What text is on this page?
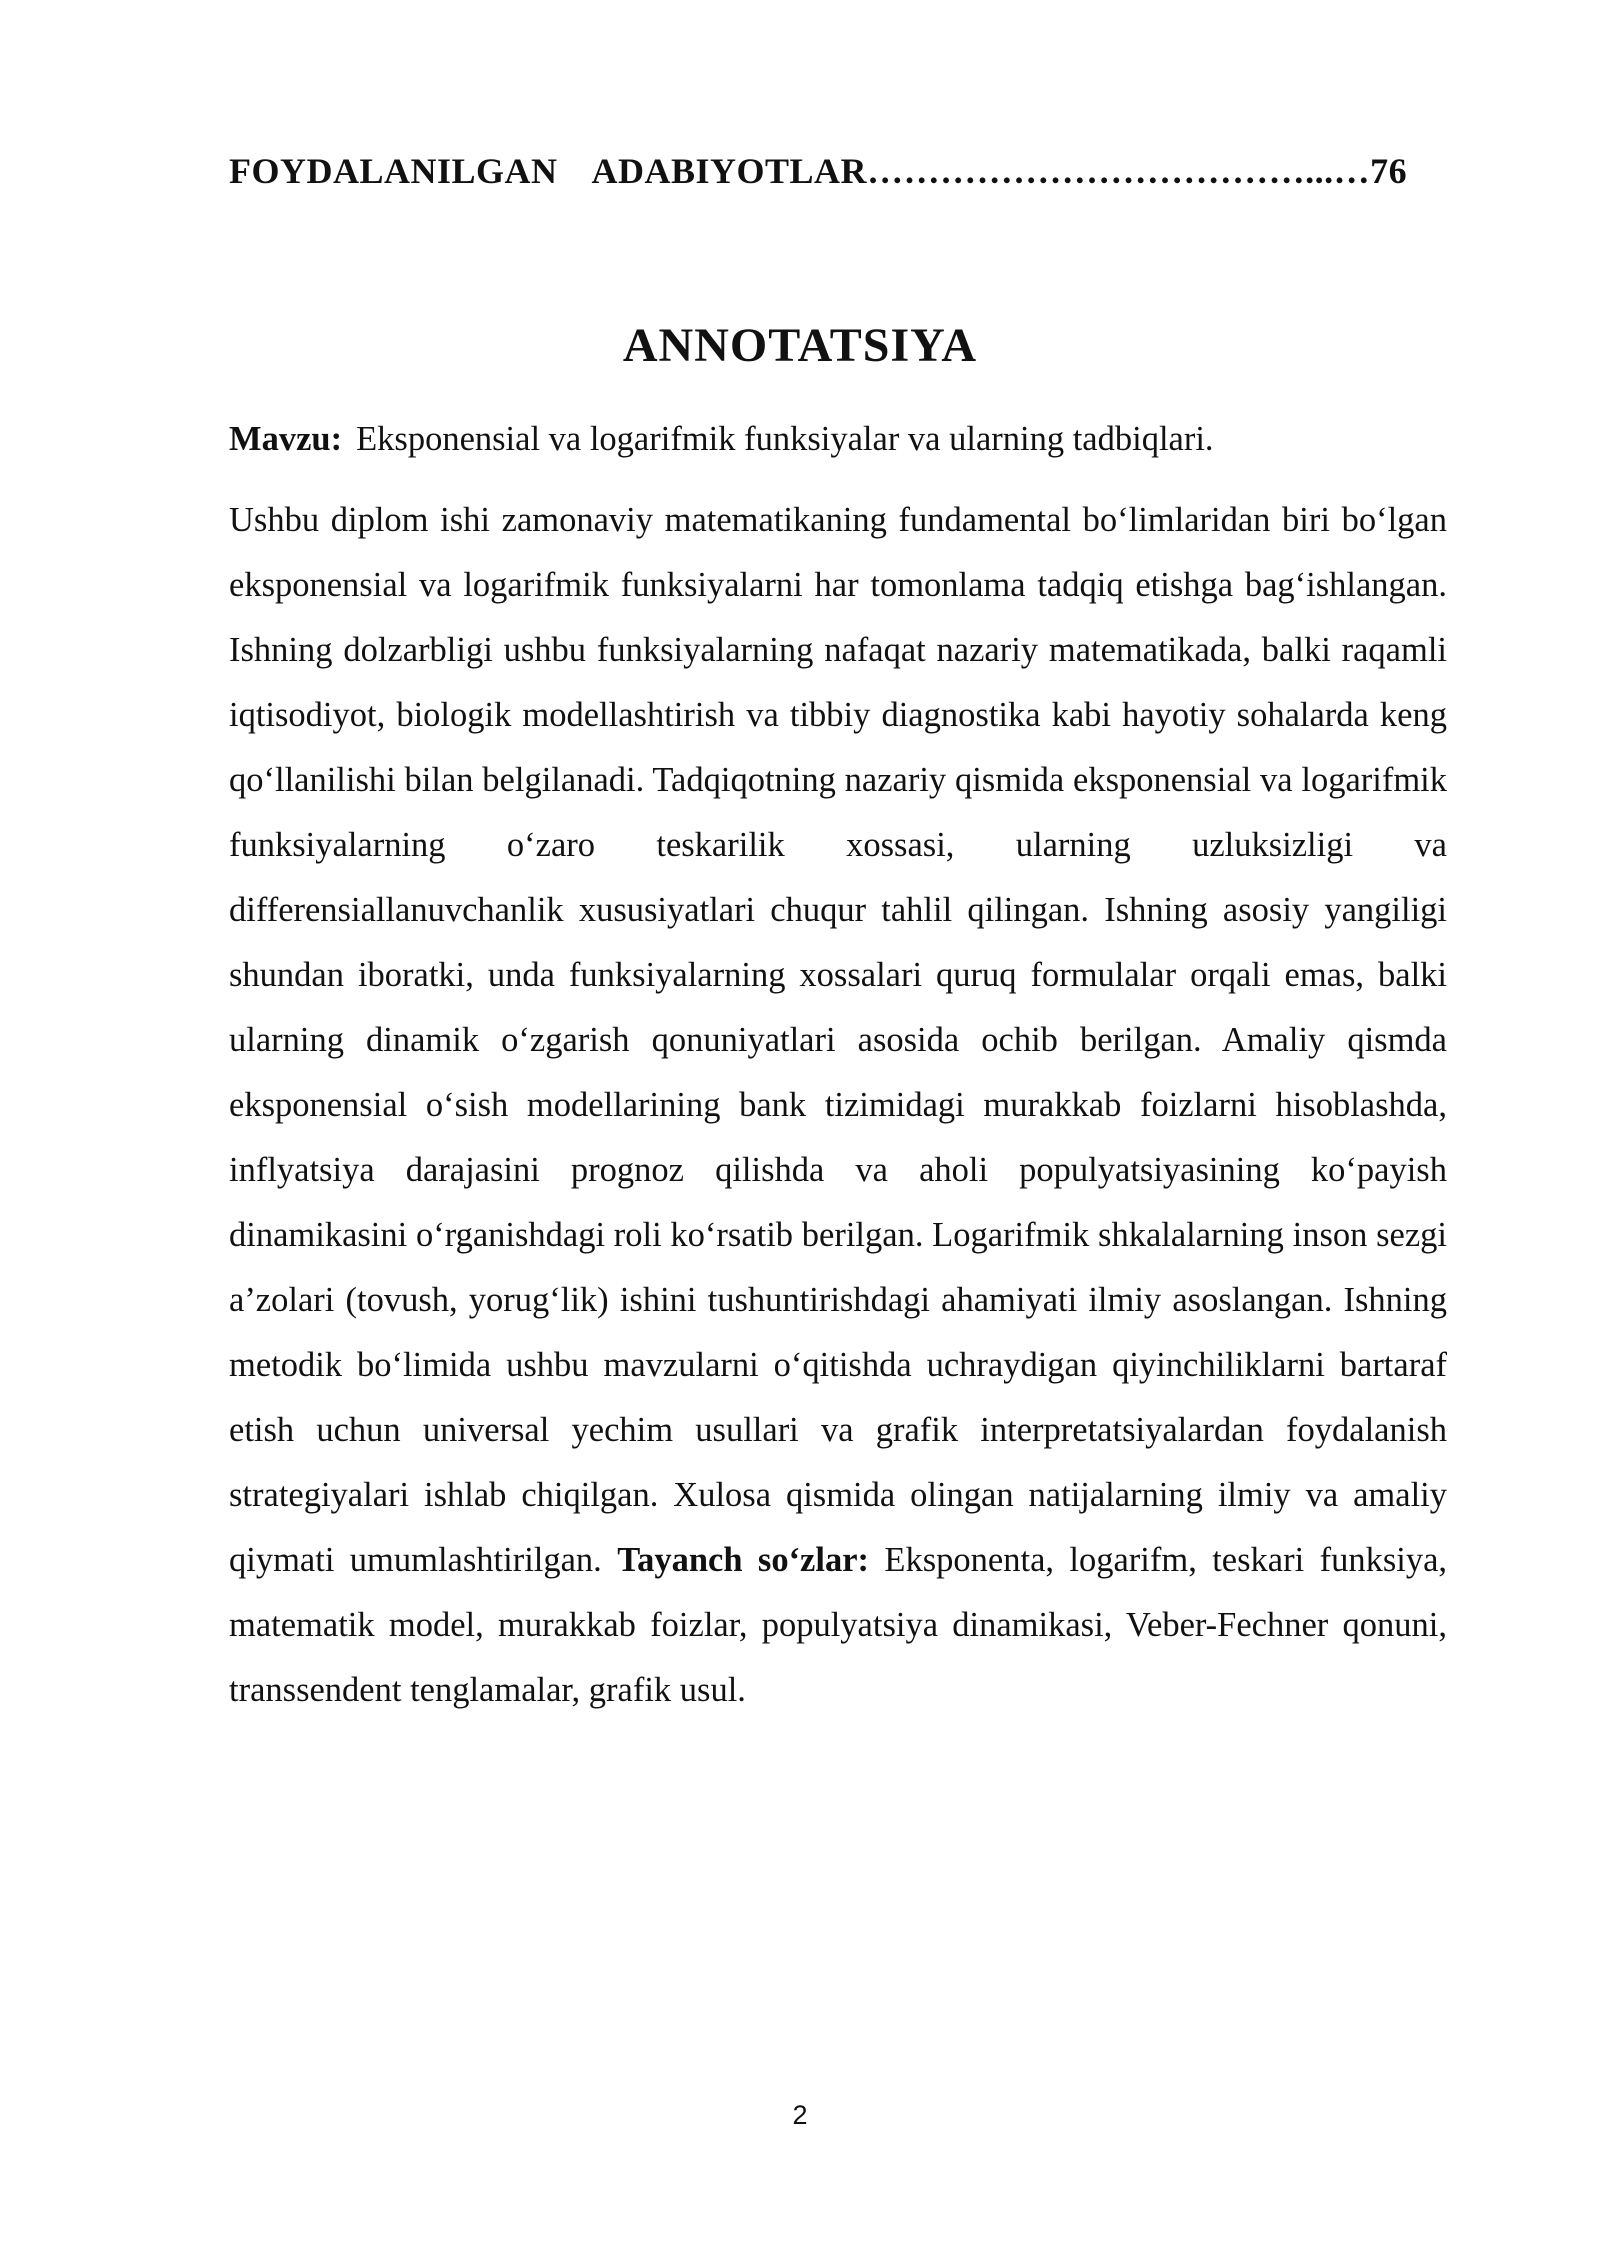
FOYDALANILGAN ADABIYOTLAR………………………………...…76
ANNOTATSIYA
Mavzu: Eksponensial va logarifmik funksiyalar va ularning tadbiqlari.

Ushbu diplom ishi zamonaviy matematikaning fundamental bo‘limlaridan biri bo‘lgan eksponensial va logarifmik funksiyalarni har tomonlama tadqiq etishga bag‘ishlangan. Ishning dolzarbligi ushbu funksiyalarning nafaqat nazariy matematikada, balki raqamli iqtisodiyot, biologik modellashtirish va tibbiy diagnostika kabi hayotiy sohalarda keng qo‘llanilishi bilan belgilanadi. Tadqiqotning nazariy qismida eksponensial va logarifmik funksiyalarning o‘zaro teskarilik xossasi, ularning uzluksizligi va differensiallanuvchanlik xususiyatlari chuqur tahlil qilingan. Ishning asosiy yangiligi shundan iboratki, unda funksiyalarning xossalari quruq formulalar orqali emas, balki ularning dinamik o‘zgarish qonuniyatlari asosida ochib berilgan. Amaliy qismda eksponensial o‘sish modellarining bank tizimidagi murakkab foizlarni hisoblashda, inflyatsiya darajasini prognoz qilishda va aholi populyatsiyasining ko‘payish dinamikasini o‘rganishdagi roli ko‘rsatib berilgan. Logarifmik shkalalarning inson sezgi a’zolari (tovush, yorug‘lik) ishini tushuntirishdagi ahamiyati ilmiy asoslangan. Ishning metodik bo‘limida ushbu mavzularni o‘qitishda uchraydigan qiyinchiliklarni bartaraf etish uchun universal yechim usullari va grafik interpretatsiyalardan foydalanish strategiyalari ishlab chiqilgan. Xulosa qismida olingan natijalarning ilmiy va amaliy qiymati umumlashtirilgan. Tayanch so‘zlar: Eksponenta, logarifm, teskari funksiya, matematik model, murakkab foizlar, populyatsiya dinamikasi, Veber-Fechner qonuni, transsendent tenglamalar, grafik usul.

2
